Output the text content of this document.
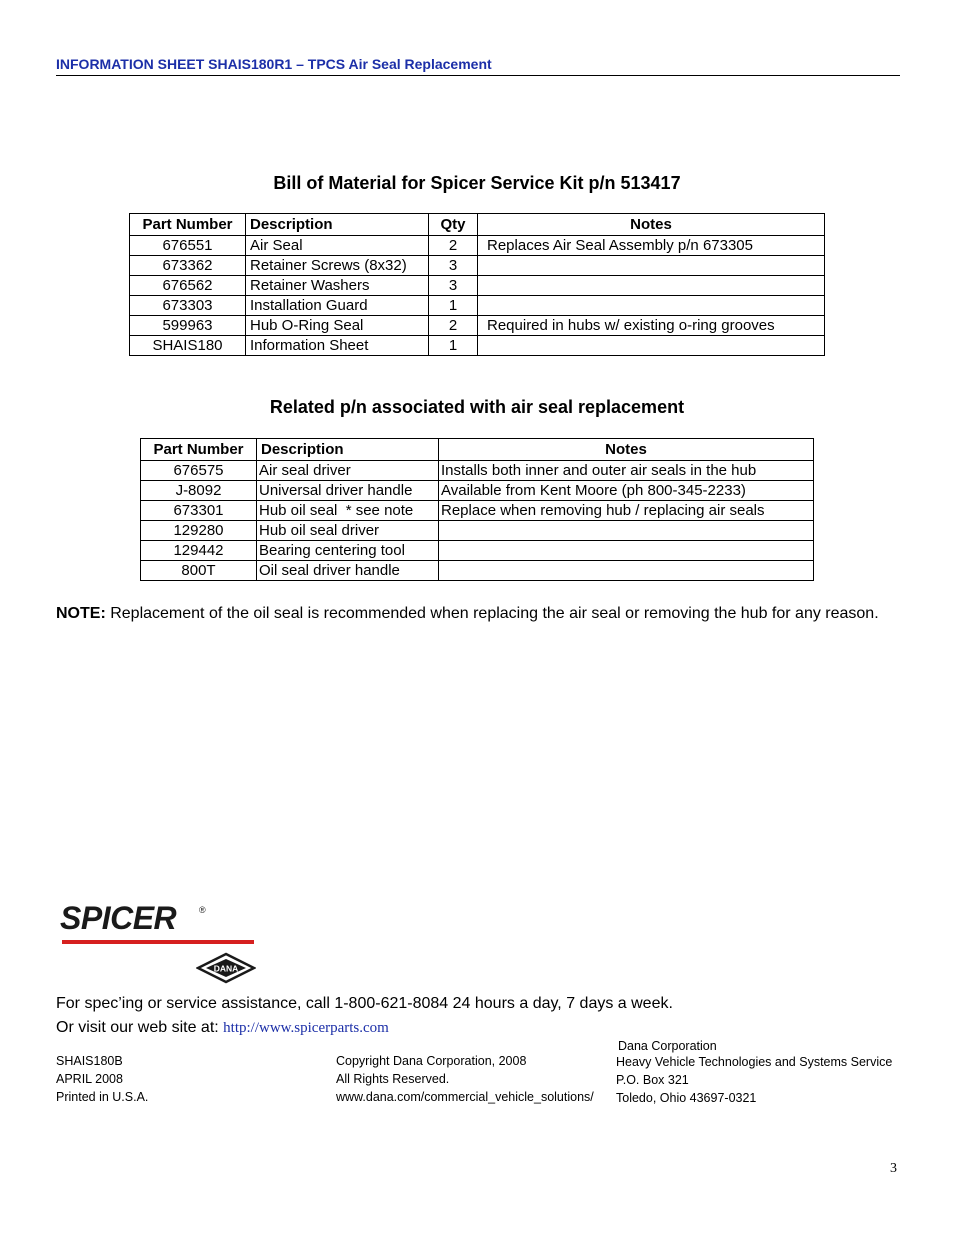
INFORMATION SHEET SHAIS180R1 – TPCS Air Seal Replacement
Bill of Material for Spicer Service Kit p/n 513417
Part Number	Description	Qty	Notes
676551	Air Seal	2	Replaces Air Seal Assembly p/n 673305
673362	Retainer Screws (8x32)	3	
676562	Retainer Washers	3	
673303	Installation Guard	1	
599963	Hub O-Ring Seal	2	Required in hubs w/ existing o-ring grooves
SHAIS180	Information Sheet	1	
Related p/n associated with air seal replacement
Part Number	Description	Notes
676575	Air seal driver	Installs both inner and outer air seals in the hub
J-8092	Universal driver handle	Available from Kent Moore (ph 800-345-2233)
673301	Hub oil seal  * see note	Replace when removing hub / replacing air seals
129280	Hub oil seal driver	
129442	Bearing centering tool	
800T	Oil seal driver handle	
NOTE: Replacement of the oil seal is recommended when replacing the air seal or removing the hub for any reason.
SPICER	®
DANA
For spec’ing or service assistance, call 1-800-621-8084 24 hours a day, 7 days a week.
Or visit our web site at: http://www.spicerparts.com
SHAIS180B
APRIL 2008
Printed in U.S.A.
Copyright Dana Corporation, 2008
All Rights Reserved.
www.dana.com/commercial_vehicle_solutions/
Dana Corporation
Heavy Vehicle Technologies and Systems Service
P.O. Box 321
Toledo, Ohio 43697-0321
3
